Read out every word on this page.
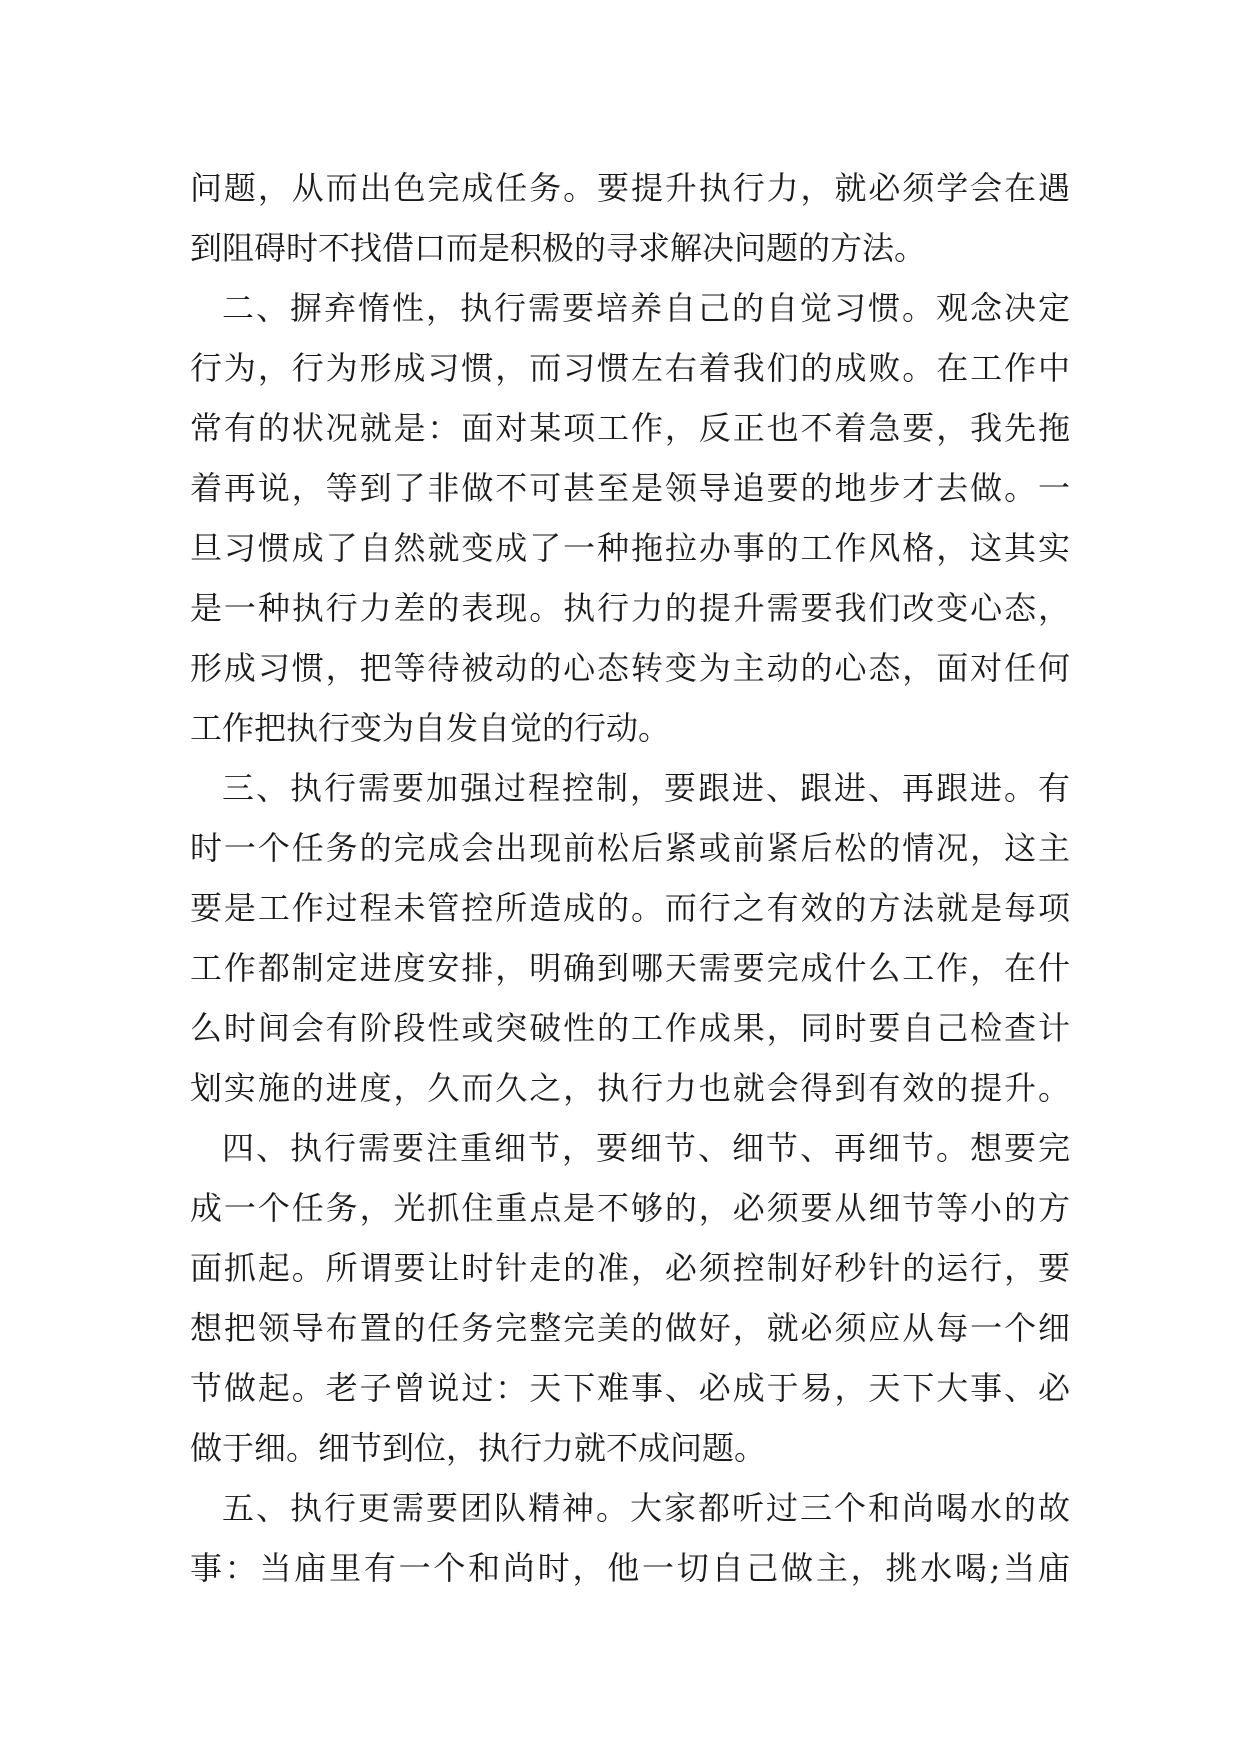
问题，从而出色完成任务。要提升执行力，就必须学会在遇
到阻碍时不找借口而是积极的寻求解决问题的方法。
二、摒弃惰性，执行需要培养自己的自觉习惯。观念决定
行为，行为形成习惯，而习惯左右着我们的成败。在工作中
常有的状况就是：面对某项工作，反正也不着急要，我先拖
着再说，等到了非做不可甚至是领导追要的地步才去做。一
旦习惯成了自然就变成了一种拖拉办事的工作风格，这其实
是一种执行力差的表现。执行力的提升需要我们改变心态，
形成习惯，把等待被动的心态转变为主动的心态，面对任何
工作把执行变为自发自觉的行动。
三、执行需要加强过程控制，要跟进、跟进、再跟进。有
时一个任务的完成会出现前松后紧或前紧后松的情况，这主
要是工作过程未管控所造成的。而行之有效的方法就是每项
工作都制定进度安排，明确到哪天需要完成什么工作，在什
么时间会有阶段性或突破性的工作成果，同时要自己检查计
划实施的进度，久而久之，执行力也就会得到有效的提升。
四、执行需要注重细节，要细节、细节、再细节。想要完
成一个任务，光抓住重点是不够的，必须要从细节等小的方
面抓起。所谓要让时针走的准，必须控制好秒针的运行，要
想把领导布置的任务完整完美的做好，就必须应从每一个细
节做起。老子曾说过：天下难事、必成于易，天下大事、必
做于细。细节到位，执行力就不成问题。
五、执行更需要团队精神。大家都听过三个和尚喝水的故
事：当庙里有一个和尚时，他一切自己做主，挑水喝;当庙
